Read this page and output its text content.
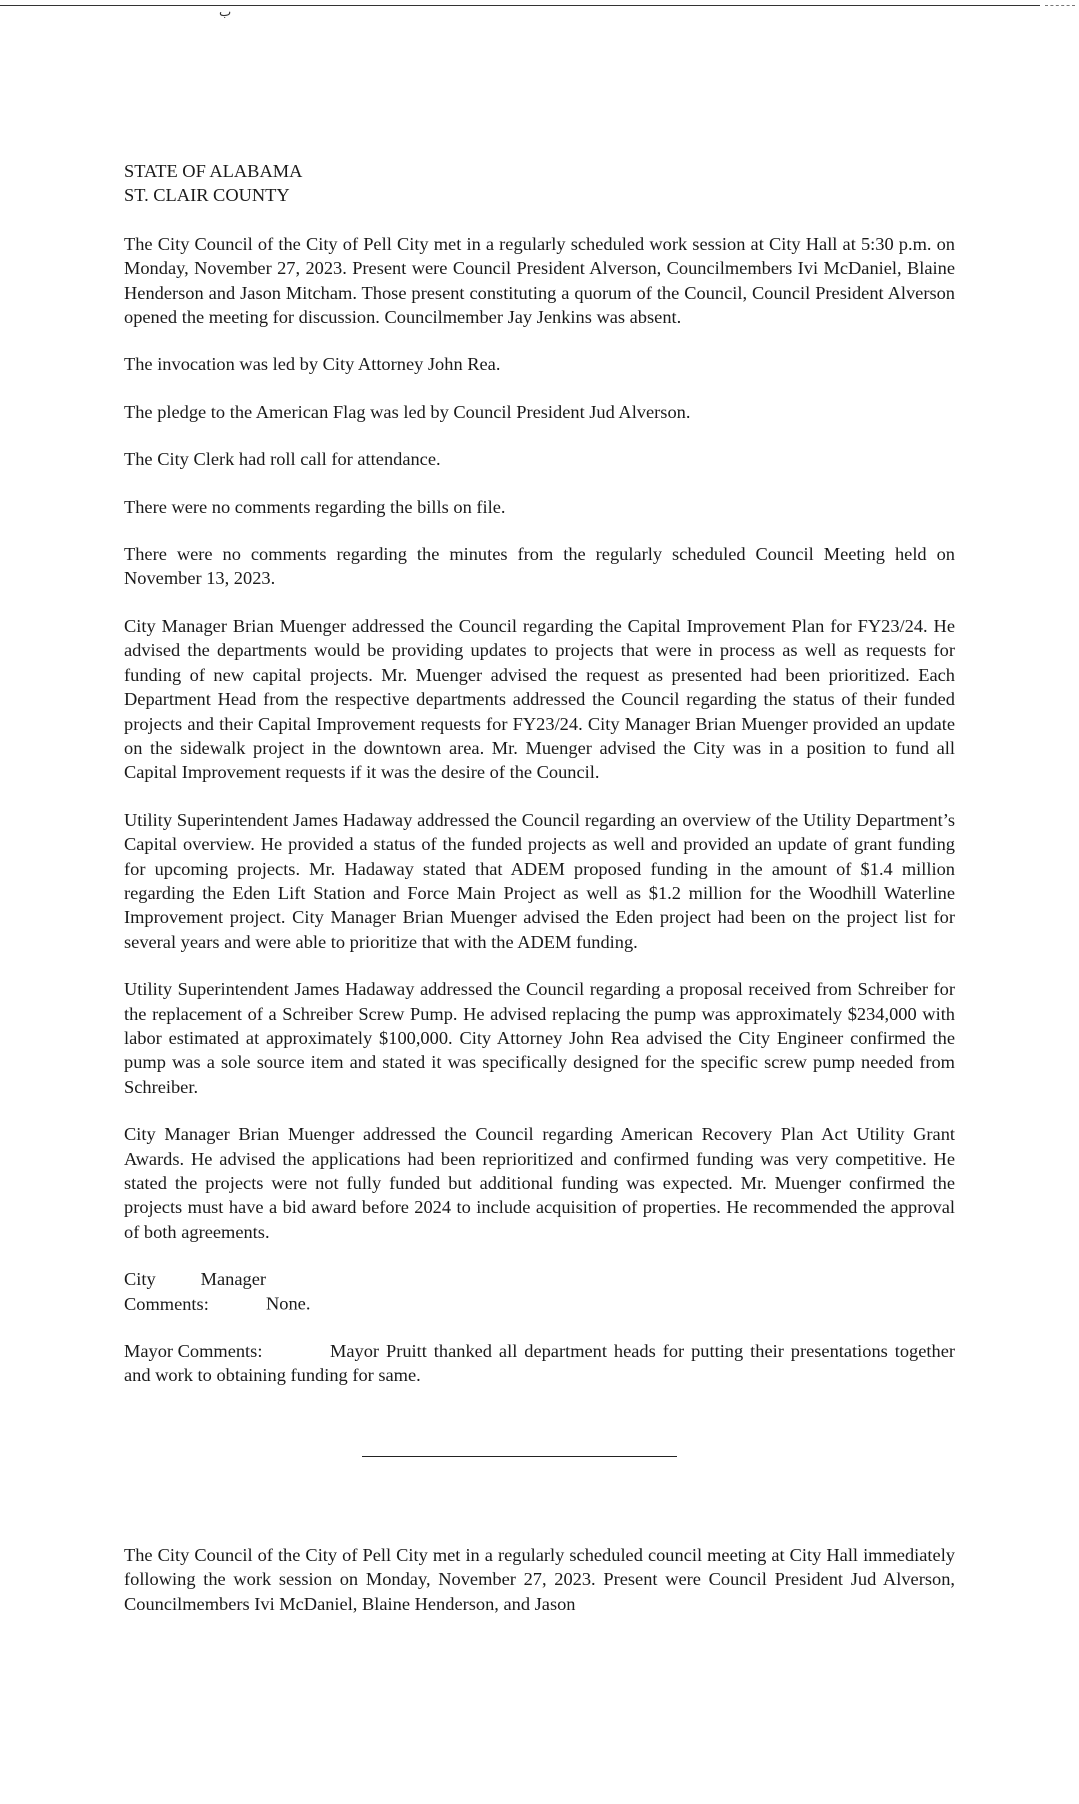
ب

STATE OF ALABAMA

ST. CLAIR COUNTY

The City Council of the City of Pell City met in a regularly scheduled work session at City Hall at 5:30 p.m. on Monday, November 27, 2023. Present were Council President Alverson, Councilmembers Ivi McDaniel, Blaine Henderson and Jason Mitcham. Those present constituting a quorum of the Council, Council President Alverson opened the meeting for discussion. Councilmember Jay Jenkins was absent.

The invocation was led by City Attorney John Rea.

The pledge to the American Flag was led by Council President Jud Alverson.

The City Clerk had roll call for attendance.

There were no comments regarding the bills on file.

There were no comments regarding the minutes from the regularly scheduled Council Meeting held on November 13, 2023.

City Manager Brian Muenger addressed the Council regarding the Capital Improvement Plan for FY23/24. He advised the departments would be providing updates to projects that were in process as well as requests for funding of new capital projects. Mr. Muenger advised the request as presented had been prioritized. Each Department Head from the respective departments addressed the Council regarding the status of their funded projects and their Capital Improvement requests for FY23/24. City Manager Brian Muenger provided an update on the sidewalk project in the downtown area. Mr. Muenger advised the City was in a position to fund all Capital Improvement requests if it was the desire of the Council.

Utility Superintendent James Hadaway addressed the Council regarding an overview of the Utility Department’s Capital overview. He provided a status of the funded projects as well and provided an update of grant funding for upcoming projects. Mr. Hadaway stated that ADEM proposed funding in the amount of $1.4 million regarding the Eden Lift Station and Force Main Project as well as $1.2 million for the Woodhill Waterline Improvement project. City Manager Brian Muenger advised the Eden project had been on the project list for several years and were able to prioritize that with the ADEM funding.

Utility Superintendent James Hadaway addressed the Council regarding a proposal received from Schreiber for the replacement of a Schreiber Screw Pump. He advised replacing the pump was approximately $234,000 with labor estimated at approximately $100,000. City Attorney John Rea advised the City Engineer confirmed the pump was a sole source item and stated it was specifically designed for the specific screw pump needed from Schreiber.

City Manager Brian Muenger addressed the Council regarding American Recovery Plan Act Utility Grant Awards. He advised the applications had been reprioritized and confirmed funding was very competitive. He stated the projects were not fully funded but additional funding was expected. Mr. Muenger confirmed the projects must have a bid award before 2024 to include acquisition of properties. He recommended the approval of both agreements.

City Manager Comments:	None.

Mayor Comments:	Mayor Pruitt thanked all department heads for putting their presentations together and work to obtaining funding for same.

The City Council of the City of Pell City met in a regularly scheduled council meeting at City Hall immediately following the work session on Monday, November 27, 2023. Present were Council President Jud Alverson, Councilmembers Ivi McDaniel, Blaine Henderson, and Jason
